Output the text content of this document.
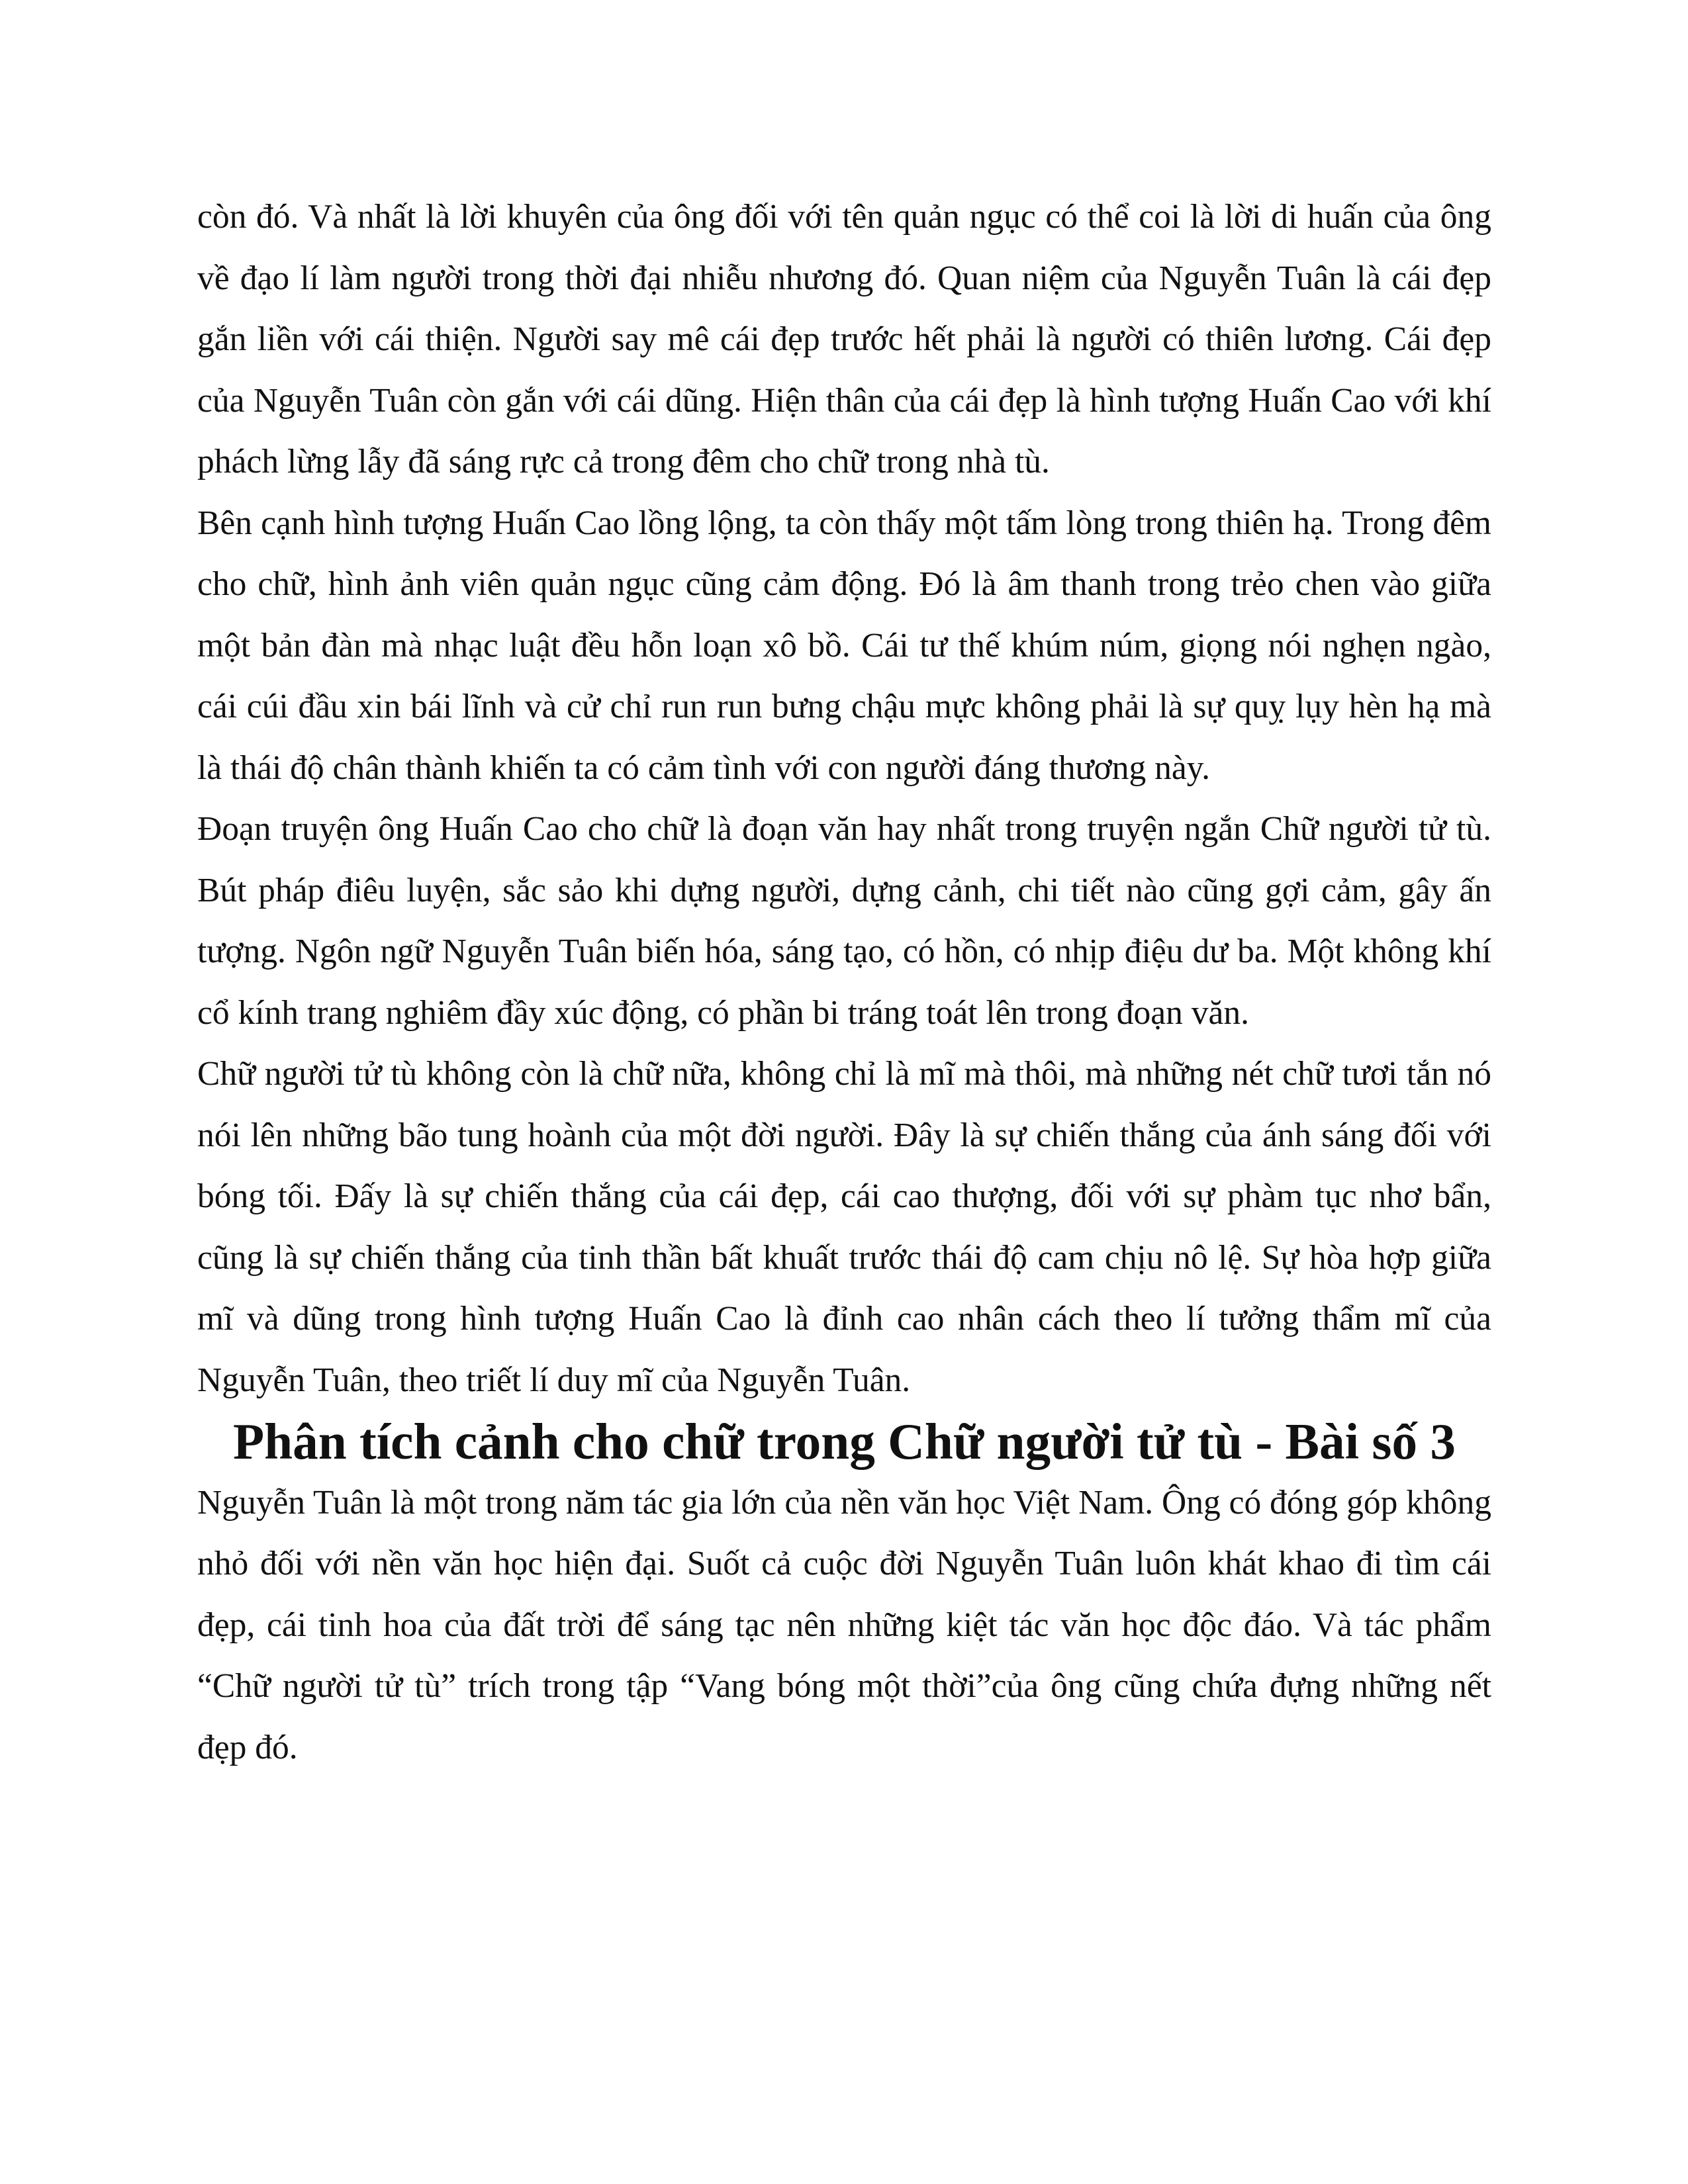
còn đó. Và nhất là lời khuyên của ông đối với tên quản ngục có thể coi là lời di huấn của ông về đạo lí làm người trong thời đại nhiễu nhương đó. Quan niệm của Nguyễn Tuân là cái đẹp gắn liền với cái thiện. Người say mê cái đẹp trước hết phải là người có thiên lương. Cái đẹp của Nguyễn Tuân còn gắn với cái dũng. Hiện thân của cái đẹp là hình tượng Huấn Cao với khí phách lừng lẫy đã sáng rực cả trong đêm cho chữ trong nhà tù.

Bên cạnh hình tượng Huấn Cao lồng lộng, ta còn thấy một tấm lòng trong thiên hạ. Trong đêm cho chữ, hình ảnh viên quản ngục cũng cảm động. Đó là âm thanh trong trẻo chen vào giữa một bản đàn mà nhạc luật đều hỗn loạn xô bồ. Cái tư thế khúm núm, giọng nói nghẹn ngào, cái cúi đầu xin bái lĩnh và cử chỉ run run bưng chậu mực không phải là sự quỵ lụy hèn hạ mà là thái độ chân thành khiến ta có cảm tình với con người đáng thương này.

Đoạn truyện ông Huấn Cao cho chữ là đoạn văn hay nhất trong truyện ngắn Chữ người tử tù. Bút pháp điêu luyện, sắc sảo khi dựng người, dựng cảnh, chi tiết nào cũng gợi cảm, gây ấn tượng. Ngôn ngữ Nguyễn Tuân biến hóa, sáng tạo, có hồn, có nhịp điệu dư ba. Một không khí cổ kính trang nghiêm đầy xúc động, có phần bi tráng toát lên trong đoạn văn.

Chữ người tử tù không còn là chữ nữa, không chỉ là mĩ mà thôi, mà những nét chữ tươi tắn nó nói lên những bão tung hoành của một đời người. Đây là sự chiến thắng của ánh sáng đối với bóng tối. Đấy là sự chiến thắng của cái đẹp, cái cao thượng, đối với sự phàm tục nhơ bẩn, cũng là sự chiến thắng của tinh thần bất khuất trước thái độ cam chịu nô lệ. Sự hòa hợp giữa mĩ và dũng trong hình tượng Huấn Cao là đỉnh cao nhân cách theo lí tưởng thẩm mĩ của Nguyễn Tuân, theo triết lí duy mĩ của Nguyễn Tuân.

Phân tích cảnh cho chữ trong Chữ người tử tù - Bài số 3

Nguyễn Tuân là một trong năm tác gia lớn của nền văn học Việt Nam. Ông có đóng góp không nhỏ đối với nền văn học hiện đại. Suốt cả cuộc đời Nguyễn Tuân luôn khát khao đi tìm cái đẹp, cái tinh hoa của đất trời để sáng tạc nên những kiệt tác văn học độc đáo. Và tác phẩm “Chữ người tử tù” trích trong tập “Vang bóng một thời”của ông cũng chứa đựng những nết đẹp đó.
